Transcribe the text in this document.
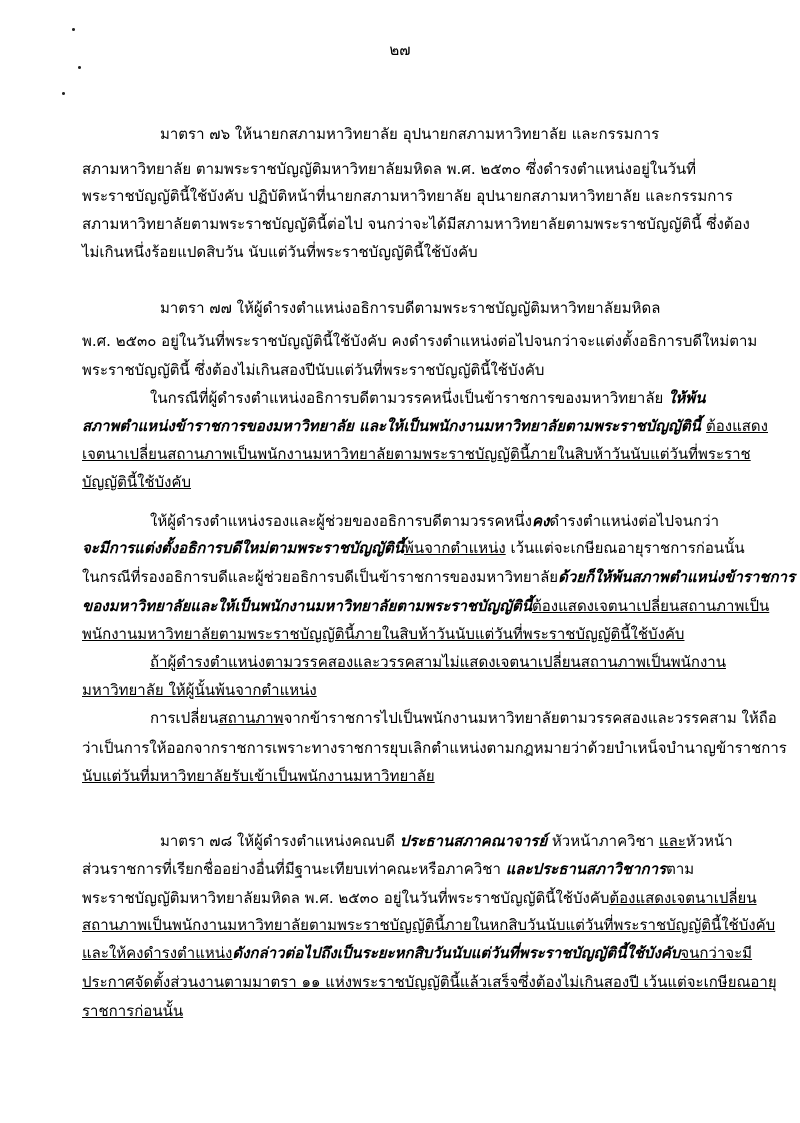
๒๗
มาตรา ๗๖ ให้นายกสภามหาวิทยาลัย อุปนายกสภามหาวิทยาลัย และกรรมการ
สภามหาวิทยาลัย ตามพระราชบัญญัติมหาวิทยาลัยมหิดล พ.ศ. ๒๕๓๐ ซึ่งดำรงตำแหน่งอยู่ในวันที่
พระราชบัญญัตินี้ใช้บังคับ ปฏิบัติหน้าที่นายกสภามหาวิทยาลัย อุปนายกสภามหาวิทยาลัย และกรรมการ
สภามหาวิทยาลัยตามพระราชบัญญัตินี้ต่อไป จนกว่าจะได้มีสภามหาวิทยาลัยตามพระราชบัญญัตินี้ ซึ่งต้อง
ไม่เกินหนึ่งร้อยแปดสิบวัน นับแต่วันที่พระราชบัญญัตินี้ใช้บังคับ
มาตรา ๗๗ ให้ผู้ดำรงตำแหน่งอธิการบดีตามพระราชบัญญัติมหาวิทยาลัยมหิดล
พ.ศ. ๒๕๓๐ อยู่ในวันที่พระราชบัญญัตินี้ใช้บังคับ คงดำรงตำแหน่งต่อไปจนกว่าจะแต่งตั้งอธิการบดีใหม่ตาม
พระราชบัญญัตินี้ ซึ่งต้องไม่เกินสองปีนับแต่วันที่พระราชบัญญัตินี้ใช้บังคับ
ในกรณีที่ผู้ดำรงตำแหน่งอธิการบดีตามวรรคหนึ่งเป็นข้าราชการของมหาวิทยาลัย ให้พ้น
สภาพตำแหน่งข้าราชการของมหาวิทยาลัย และให้เป็นพนักงานมหาวิทยาลัยตามพระราชบัญญัตินี้ ต้องแสดง
เจตนาเปลี่ยนสถานภาพเป็นพนักงานมหาวิทยาลัยตามพระราชบัญญัตินี้ภายในสิบห้าวันนับแต่วันที่พระราช
บัญญัตินี้ใช้บังคับ
ให้ผู้ดำรงตำแหน่งรองและผู้ช่วยของอธิการบดีตามวรรคหนึ่งคงดำรงตำแหน่งต่อไปจนกว่า
จะมีการแต่งตั้งอธิการบดีใหม่ตามพระราชบัญญัตินี้พ้นจากตำแหน่ง เว้นแต่จะเกษียณอายุราชการก่อนนั้น
ในกรณีที่รองอธิการบดีและผู้ช่วยอธิการบดีเป็นข้าราชการของมหาวิทยาลัยด้วยก็ให้พ้นสภาพตำแหน่งข้าราชการ
ของมหาวิทยาลัยและให้เป็นพนักงานมหาวิทยาลัยตามพระราชบัญญัตินี้ต้องแสดงเจตนาเปลี่ยนสถานภาพเป็น
พนักงานมหาวิทยาลัยตามพระราชบัญญัตินี้ภายในสิบห้าวันนับแต่วันที่พระราชบัญญัตินี้ใช้บังคับ
ถ้าผู้ดำรงตำแหน่งตามวรรคสองและวรรคสามไม่แสดงเจตนาเปลี่ยนสถานภาพเป็นพนักงาน
มหาวิทยาลัย ให้ผู้นั้นพ้นจากตำแหน่ง
การเปลี่ยนสถานภาพจากข้าราชการไปเป็นพนักงานมหาวิทยาลัยตามวรรคสองและวรรคสาม ให้ถือ
ว่าเป็นการให้ออกจากราชการเพราะทางราชการยุบเลิกตำแหน่งตามกฎหมายว่าด้วยบำเหน็จบำนาญข้าราชการ
นับแต่วันที่มหาวิทยาลัยรับเข้าเป็นพนักงานมหาวิทยาลัย
มาตรา ๗๘ ให้ผู้ดำรงตำแหน่งคณบดี ประธานสภาคณาจารย์ หัวหน้าภาควิชา และหัวหน้า
ส่วนราชการที่เรียกชื่ออย่างอื่นที่มีฐานะเทียบเท่าคณะหรือภาควิชา และประธานสภาวิชาการตาม
พระราชบัญญัติมหาวิทยาลัยมหิดล พ.ศ. ๒๕๓๐ อยู่ในวันที่พระราชบัญญัตินี้ใช้บังคับต้องแสดงเจตนาเปลี่ยน
สถานภาพเป็นพนักงานมหาวิทยาลัยตามพระราชบัญญัตินี้ภายในหกสิบวันนับแต่วันที่พระราชบัญญัตินี้ใช้บังคับ
และให้คงดำรงตำแหน่งดังกล่าวต่อไปถึงเป็นระยะหกสิบวันนับแต่วันที่พระราชบัญญัตินี้ใช้บังคับจนกว่าจะมี
ประกาศจัดตั้งส่วนงานตามมาตรา ๑๑ แห่งพระราชบัญญัตินี้แล้วเสร็จซึ่งต้องไม่เกินสองปี เว้นแต่จะเกษียณอายุ
ราชการก่อนนั้น
